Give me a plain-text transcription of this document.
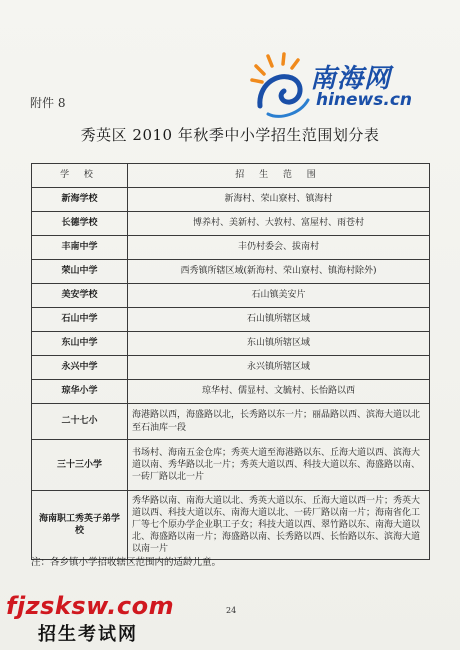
南海网
hinews.cn
附件 8
秀英区 2010 年秋季中小学招生范围划分表
学 校	招 生 范 围
新海学校	新海村、荣山寮村、镇海村
长德学校	博养村、美新村、大敦村、富屋村、雨苍村
丰南中学	丰仍村委会、拔南村
荣山中学	西秀镇所辖区域(新海村、荣山寮村、镇海村除外)
美安学校	石山镇美安片
石山中学	石山镇所辖区域
东山中学	东山镇所辖区域
永兴中学	永兴镇所辖区域
琼华小学	琼华村、儒显村、文毓村、长怡路以西
二十七小	海港路以西，海盛路以北，长秀路以东一片；丽晶路以西、滨海大道以北至石油库一段
三十三小学	书场村、海南五金仓库；秀英大道至海港路以东、丘海大道以西、滨海大道以南、秀华路以北一片；秀英大道以西、科技大道以东、海盛路以南、一砖厂路以北一片
海南职工秀英子弟学校	秀华路以南、南海大道以北、秀英大道以东、丘海大道以西一片；秀英大道以西、科技大道以东、南海大道以北、一砖厂路以南一片；海南省化工厂等七个原办学企业职工子女；科技大道以西、翠竹路以东、南海大道以北、海盛路以南一片；海盛路以南、长秀路以西、长怡路以东、滨海大道以南一片
注：各乡镇小学招收辖区范围内的适龄儿童。
24
fjzsksw.com
招生考试网
